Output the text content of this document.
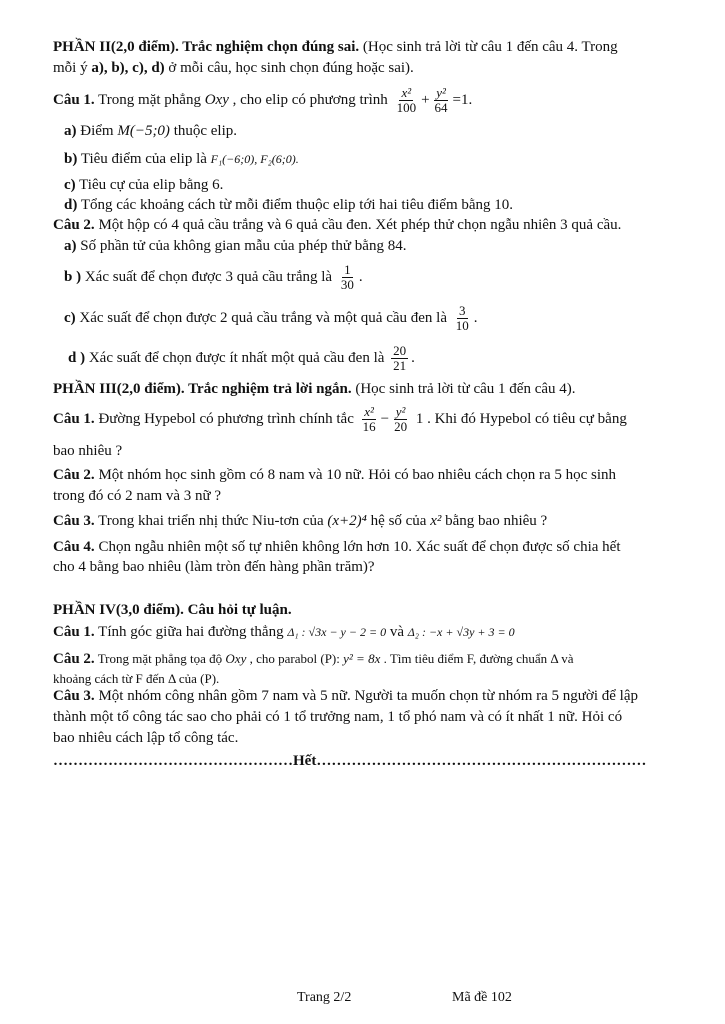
PHẦN II(2,0 điểm). Trắc nghiệm chọn đúng sai. (Học sinh trả lời từ câu 1 đến câu 4. Trong
mỗi ý a), b), c), d) ở mỗi câu, học sinh chọn đúng hoặc sai).
Câu 1. Trong mặt phẳng Oxy , cho elip có phương trình $\frac{\text{x²}}{100} + \frac{\text{y²}}{64} =1$.
a) Điểm M(−5;0) thuộc elip.
b) Tiêu điểm của elip là F₁(−6;0), F₂(6;0).
c) Tiêu cự của elip bằng 6.
d) Tổng các khoảng cách từ mỗi điểm thuộc elip tới hai tiêu điểm bằng 10.
Câu 2. Một hộp có 4 quả cầu trắng và 6 quả cầu đen. Xét phép thử chọn ngẫu nhiên 3 quả cầu.
a) Số phần tử của không gian mẫu của phép thử bằng 84.
b ) Xác suất để chọn được 3 quả cầu trắng là $\frac{1}{30}$ .
c) Xác suất để chọn được 2 quả cầu trắng và một quả cầu đen là $\frac{3}{10}$ .
d ) Xác suất để chọn được ít nhất một quả cầu đen là $\frac{20}{21}$ .
PHẦN III(2,0 điểm). Trắc nghiệm trả lời ngắn. (Học sinh trả lời từ câu 1 đến câu 4).
Câu 1. Đường Hypebol có phương trình chính tắc $\frac{\text{x²}}{16} - \frac{\text{y²}}{20} 1$ . Khi đó Hypebol có tiêu cự bằng
bao nhiêu ?
Câu 2. Một nhóm học sinh gồm có 8 nam và 10 nữ. Hỏi có bao nhiêu cách chọn ra 5 học sinh
trong đó có 2 nam và 3 nữ ?
Câu 3. Trong khai triển nhị thức Niu-tơn của (x+2)⁴ hệ số của x² bằng bao nhiêu ?
Câu 4. Chọn ngẫu nhiên một số tự nhiên không lớn hơn 10. Xác suất để chọn được số chia hết
cho 4 bằng bao nhiêu (làm tròn đến hàng phần trăm)?
PHẦN IV(3,0 điểm). Câu hỏi tự luận.
Câu 1. Tính góc giữa hai đường thẳng Δ₁ : √3x − y − 2 = 0 và Δ₂ : −x + √3y + 3 = 0
Câu 2. Trong mặt phẳng tọa độ Oxy , cho parabol (P): y² = 8x . Tìm tiêu điểm F, đường chuẩn Δ và
khoảng cách từ F đến Δ của (P).
Câu 3. Một nhóm công nhân gồm 7 nam và 5 nữ. Người ta muốn chọn từ nhóm ra 5 người để lập
thành một tổ công tác sao cho phải có 1 tổ trưởng nam, 1 tổ phó nam và có ít nhất 1 nữ. Hỏi có
bao nhiêu cách lập tổ công tác.
…………………………………………Hết…………………………………………………………
Trang 2/2	Mã đề 102
